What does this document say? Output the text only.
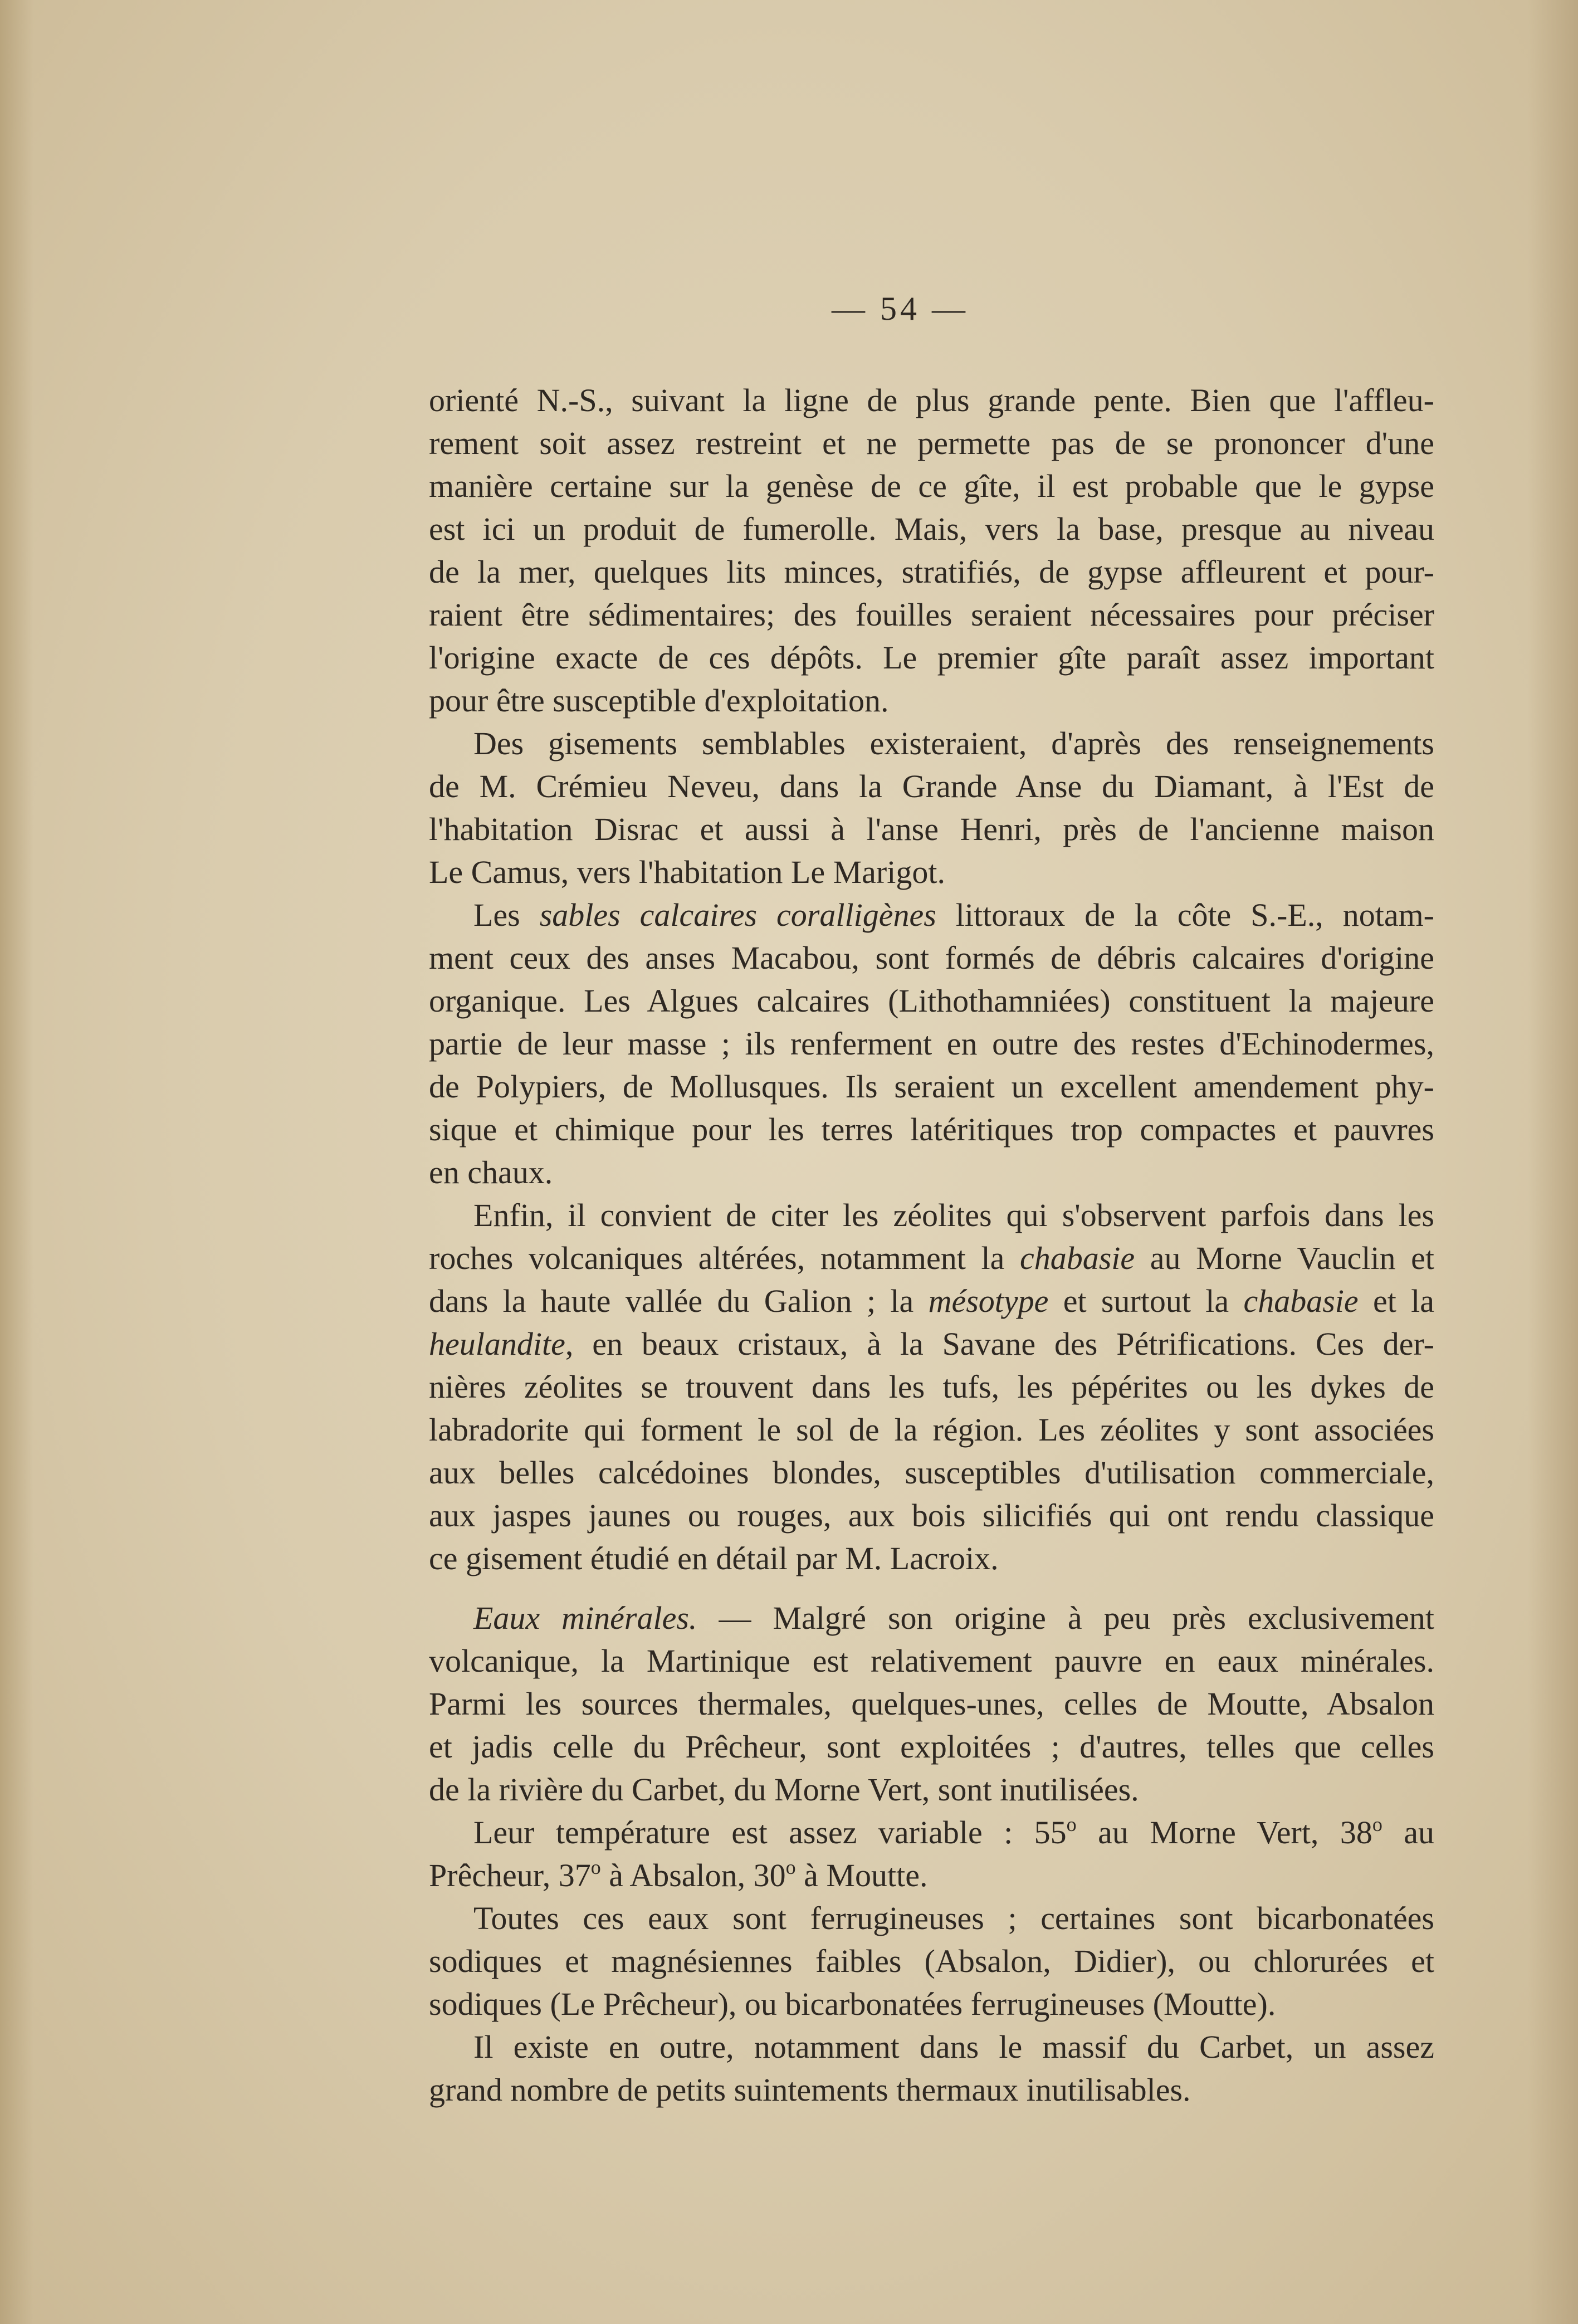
— 54 —
orienté N.-S., suivant la ligne de plus grande pente. Bien que l'affleu-
rement soit assez restreint et ne permette pas de se prononcer d'une
manière certaine sur la genèse de ce gîte, il est probable que le gypse
est ici un produit de fumerolle. Mais, vers la base, presque au niveau
de la mer, quelques lits minces, stratifiés, de gypse affleurent et pour-
raient être sédimentaires; des fouilles seraient nécessaires pour préciser
l'origine exacte de ces dépôts. Le premier gîte paraît assez important
pour être susceptible d'exploitation.
Des gisements semblables existeraient, d'après des renseignements
de M. Crémieu Neveu, dans la Grande Anse du Diamant, à l'Est de
l'habitation Disrac et aussi à l'anse Henri, près de l'ancienne maison
Le Camus, vers l'habitation Le Marigot.
Les sables calcaires coralligènes littoraux de la côte S.-E., notam-
ment ceux des anses Macabou, sont formés de débris calcaires d'origine
organique. Les Algues calcaires (Lithothamniées) constituent la majeure
partie de leur masse ; ils renferment en outre des restes d'Echinodermes,
de Polypiers, de Mollusques. Ils seraient un excellent amendement phy-
sique et chimique pour les terres latéritiques trop compactes et pauvres
en chaux.
Enfin, il convient de citer les zéolites qui s'observent parfois dans les
roches volcaniques altérées, notamment la chabasie au Morne Vauclin et
dans la haute vallée du Galion ; la mésotype et surtout la chabasie et la
heulandite, en beaux cristaux, à la Savane des Pétrifications. Ces der-
nières zéolites se trouvent dans les tufs, les pépérites ou les dykes de
labradorite qui forment le sol de la région. Les zéolites y sont associées
aux belles calcédoines blondes, susceptibles d'utilisation commerciale,
aux jaspes jaunes ou rouges, aux bois silicifiés qui ont rendu classique
ce gisement étudié en détail par M. Lacroix.
Eaux minérales. — Malgré son origine à peu près exclusivement
volcanique, la Martinique est relativement pauvre en eaux minérales.
Parmi les sources thermales, quelques-unes, celles de Moutte, Absalon
et jadis celle du Prêcheur, sont exploitées ; d'autres, telles que celles
de la rivière du Carbet, du Morne Vert, sont inutilisées.
Leur température est assez variable : 55$^o$ au Morne Vert, 38$^o$ au
Prêcheur, 37$^o$ à Absalon, 30$^o$ à Moutte.
Toutes ces eaux sont ferrugineuses ; certaines sont bicarbonatées
sodiques et magnésiennes faibles (Absalon, Didier), ou chlorurées et
sodiques (Le Prêcheur), ou bicarbonatées ferrugineuses (Moutte).
Il existe en outre, notamment dans le massif du Carbet, un assez
grand nombre de petits suintements thermaux inutilisables.
